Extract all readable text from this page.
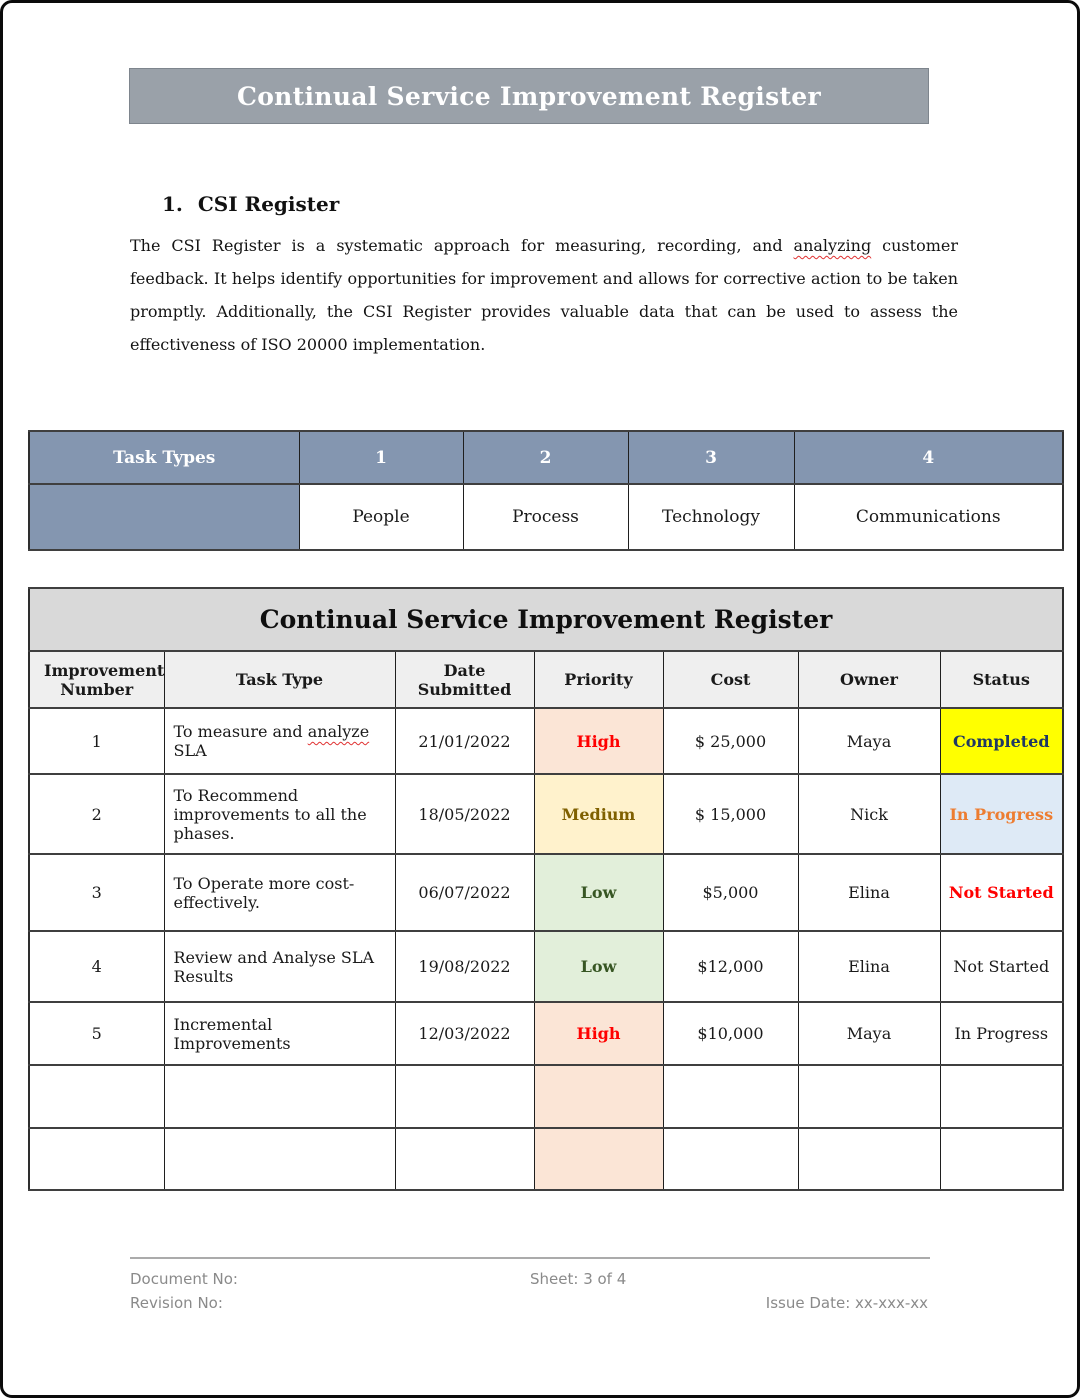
Continual Service Improvement Register
1. CSI Register

The CSI Register is a systematic approach for measuring, recording, and analyzing customer feedback. It helps identify opportunities for improvement and allows for corrective action to be taken promptly. Additionally, the CSI Register provides valuable data that can be used to assess the effectiveness of ISO 20000 implementation.

Task Types	1	2	3	4
	People	Process	Technology	Communications
Continual Service Improvement Register						
Improvement Number	Task Type	Date Submitted	Priority	Cost	Owner	Status
1	To measure and analyze SLA	21/01/2022	High	$ 25,000	Maya	Completed
2	To Recommend improvements to all the phases.	18/05/2022	Medium	$ 15,000	Nick	In Progress
3	To Operate more cost-effectively.	06/07/2022	Low	$5,000	Elina	Not Started
4	Review and Analyse SLA Results	19/08/2022	Low	$12,000	Elina	Not Started
5	Incremental Improvements	12/03/2022	High	$10,000	Maya	In Progress

Document No:	Sheet: 3 of 4
Revision No:	Issue Date: xx-xxx-xx
